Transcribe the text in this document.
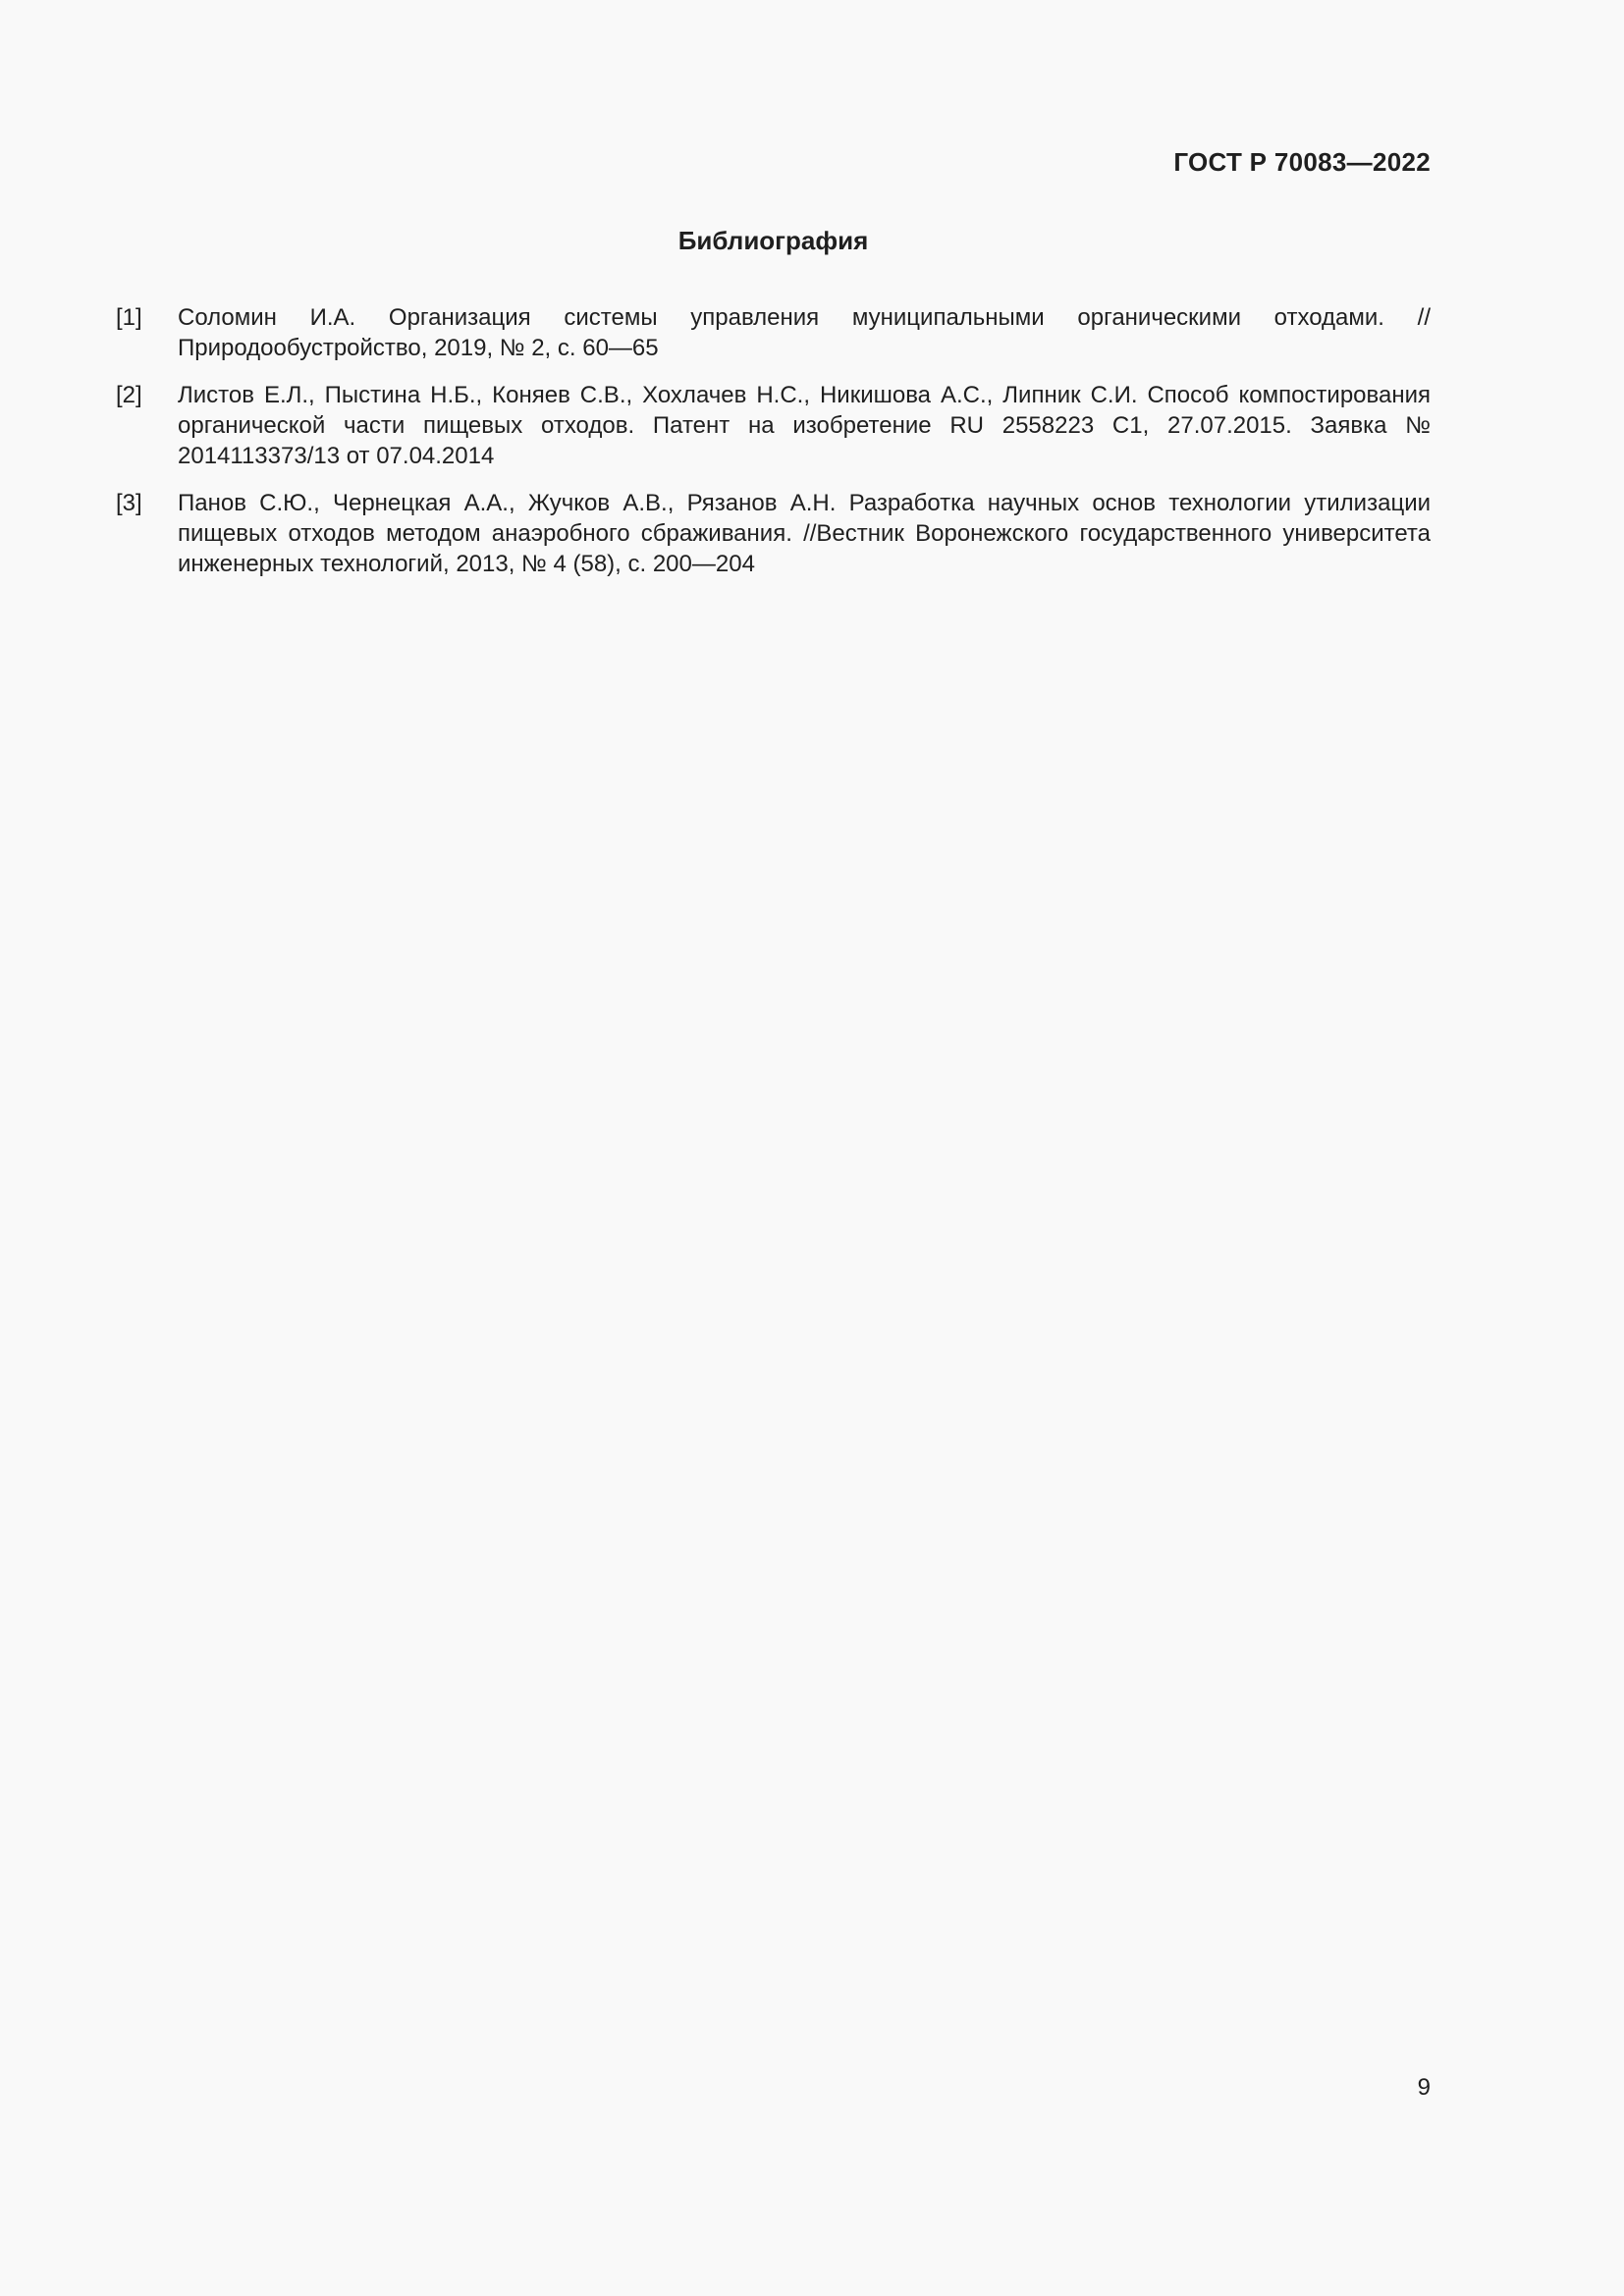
ГОСТ Р 70083—2022
Библиография
[1]	Соломин И.А. Организация системы управления муниципальными органическими отходами. //Природообустройство, 2019, № 2, с. 60—65
[2]	Листов Е.Л., Пыстина Н.Б., Коняев С.В., Хохлачев Н.С., Никишова А.С., Липник С.И. Способ компостирования органической части пищевых отходов. Патент на изобретение RU 2558223 C1, 27.07.2015. Заявка № 2014113373/13 от 07.04.2014
[3]	Панов С.Ю., Чернецкая А.А., Жучков А.В., Рязанов А.Н. Разработка научных основ технологии утилизации пищевых отходов методом анаэробного сбраживания. //Вестник Воронежского государственного университета инженерных технологий, 2013, № 4 (58), с. 200—204
9
